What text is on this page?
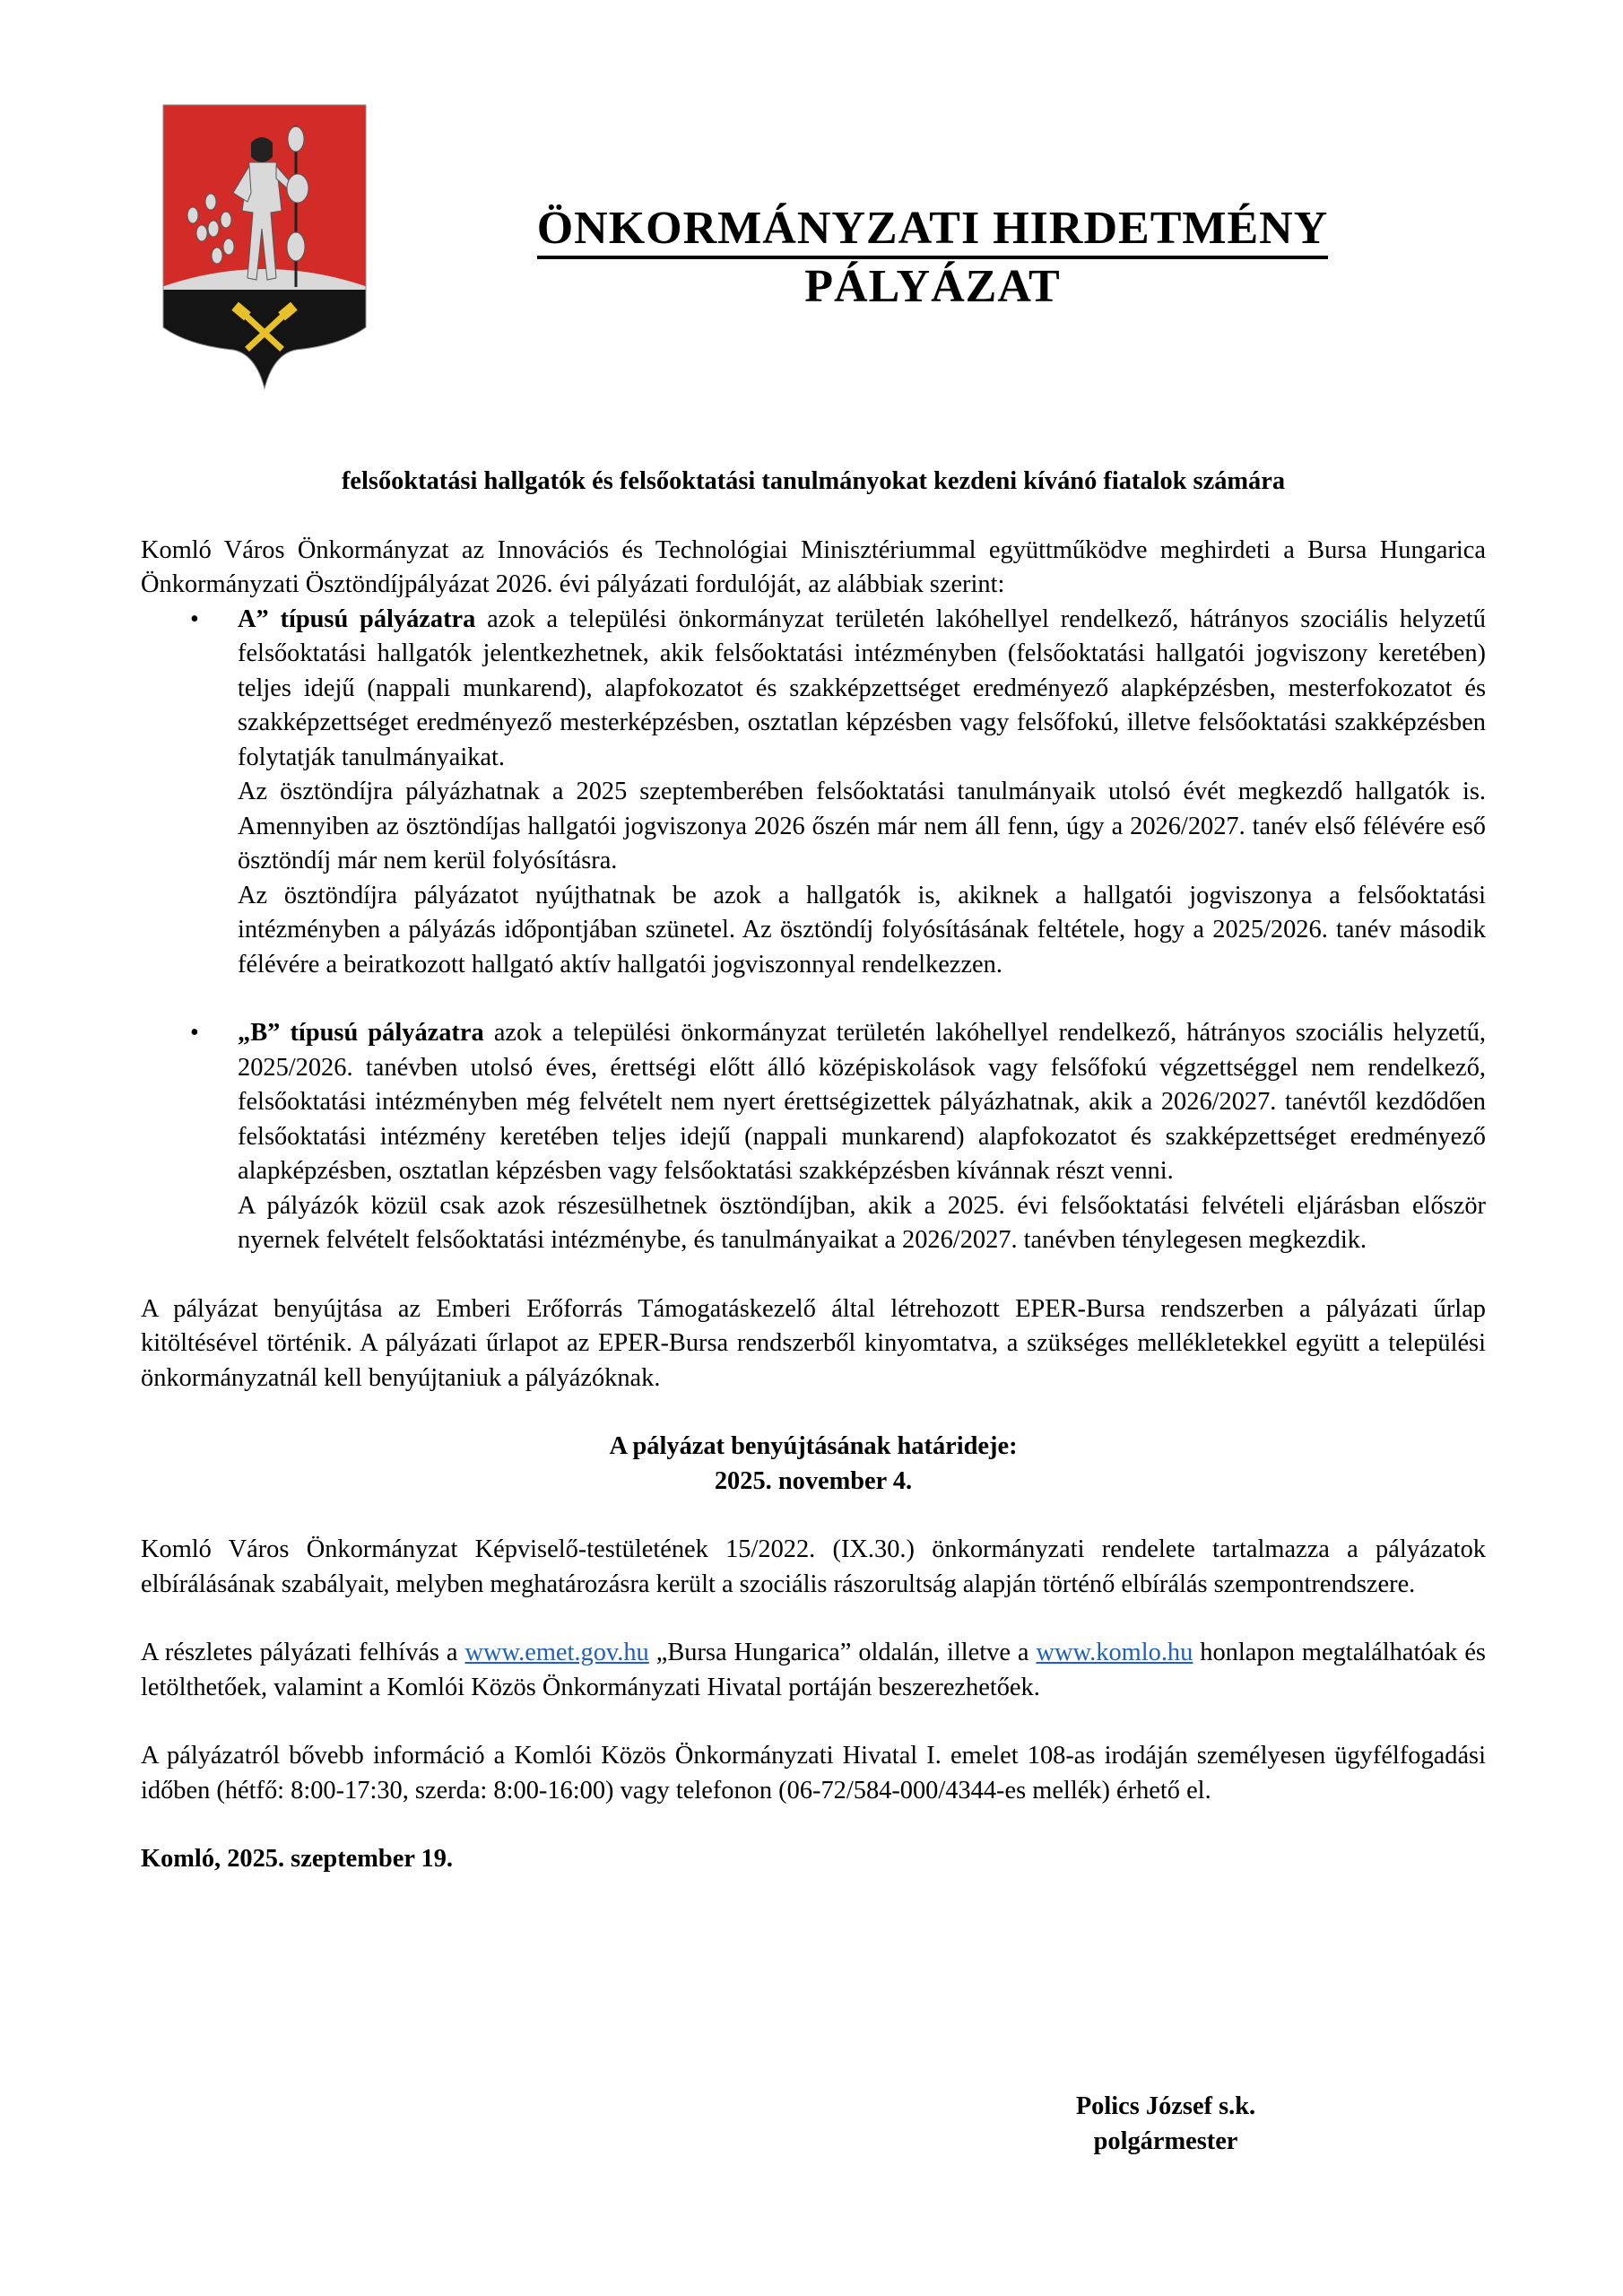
ÖNKORMÁNYZATI HIRDETMÉNY
PÁLYÁZAT
felsőoktatási hallgatók és felsőoktatási tanulmányokat kezdeni kívánó fiatalok számára

Komló Város Önkormányzat az Innovációs és Technológiai Minisztériummal együttműködve meghirdeti a Bursa Hungarica Önkormányzati Ösztöndíjpályázat 2026. évi pályázati fordulóját, az alábbiak szerint:

• A” típusú pályázatra azok a települési önkormányzat területén lakóhellyel rendelkező, hátrányos szociális helyzetű felsőoktatási hallgatók jelentkezhetnek, akik felsőoktatási intézményben (felsőoktatási hallgatói jogviszony keretében) teljes idejű (nappali munkarend), alapfokozatot és szakképzettséget eredményező alapképzésben, mesterfokozatot és szakképzettséget eredményező mesterképzésben, osztatlan képzésben vagy felsőfokú, illetve felsőoktatási szakképzésben folytatják tanulmányaikat.
Az ösztöndíjra pályázhatnak a 2025 szeptemberében felsőoktatási tanulmányaik utolsó évét megkezdő hallgatók is. Amennyiben az ösztöndíjas hallgatói jogviszonya 2026 őszén már nem áll fenn, úgy a 2026/2027. tanév első félévére eső ösztöndíj már nem kerül folyósításra.
Az ösztöndíjra pályázatot nyújthatnak be azok a hallgatók is, akiknek a hallgatói jogviszonya a felsőoktatási intézményben a pályázás időpontjában szünetel. Az ösztöndíj folyósításának feltétele, hogy a 2025/2026. tanév második félévére a beiratkozott hallgató aktív hallgatói jogviszonnyal rendelkezzen.
• „B” típusú pályázatra azok a települési önkormányzat területén lakóhellyel rendelkező, hátrányos szociális helyzetű, 2025/2026. tanévben utolsó éves, érettségi előtt álló középiskolások vagy felsőfokú végzettséggel nem rendelkező, felsőoktatási intézményben még felvételt nem nyert érettségizettek pályázhatnak, akik a 2026/2027. tanévtől kezdődően felsőoktatási intézmény keretében teljes idejű (nappali munkarend) alapfokozatot és szakképzettséget eredményező alapképzésben, osztatlan képzésben vagy felsőoktatási szakképzésben kívánnak részt venni.
A pályázók közül csak azok részesülhetnek ösztöndíjban, akik a 2025. évi felsőoktatási felvételi eljárásban először nyernek felvételt felsőoktatási intézménybe, és tanulmányaikat a 2026/2027. tanévben ténylegesen megkezdik.

A pályázat benyújtása az Emberi Erőforrás Támogatáskezelő által létrehozott EPER-Bursa rendszerben a pályázati űrlap kitöltésével történik. A pályázati űrlapot az EPER-Bursa rendszerből kinyomtatva, a szükséges mellékletekkel együtt a települési önkormányzatnál kell benyújtaniuk a pályázóknak.

A pályázat benyújtásának határideje:
2025. november 4.

Komló Város Önkormányzat Képviselő-testületének 15/2022. (IX.30.) önkormányzati rendelete tartalmazza a pályázatok elbírálásának szabályait, melyben meghatározásra került a szociális rászorultság alapján történő elbírálás szempontrendszere.

A részletes pályázati felhívás a www.emet.gov.hu „Bursa Hungarica” oldalán, illetve a www.komlo.hu honlapon megtalálhatóak és letölthetőek, valamint a Komlói Közös Önkormányzati Hivatal portáján beszerezhetőek.

A pályázatról bővebb információ a Komlói Közös Önkormányzati Hivatal I. emelet 108-as irodáján személyesen ügyfélfogadási időben (hétfő: 8:00-17:30, szerda: 8:00-16:00) vagy telefonon (06-72/584-000/4344-es mellék) érhető el.

Komló, 2025. szeptember 19.

Polics József s.k.
polgármester
